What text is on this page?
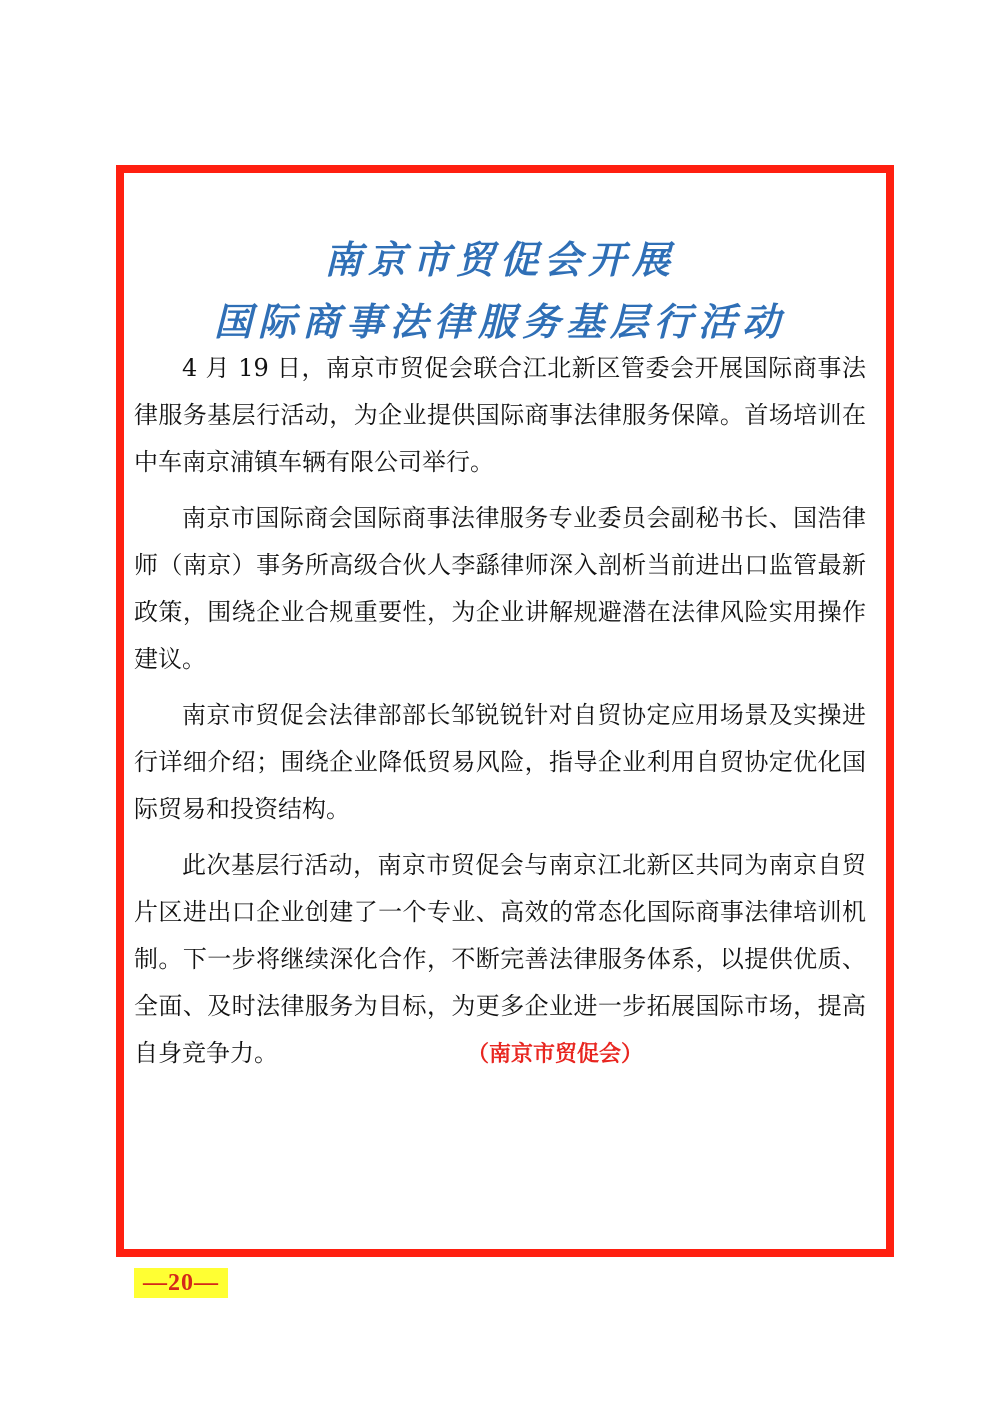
南京市贸促会开展
国际商事法律服务基层行活动

4 月 19 日，南京市贸促会联合江北新区管委会开展国际商事法律服务基层行活动，为企业提供国际商事法律服务保障。首场培训在中车南京浦镇车辆有限公司举行。

南京市国际商会国际商事法律服务专业委员会副秘书长、国浩律师（南京）事务所高级合伙人李繇律师深入剖析当前进出口监管最新政策，围绕企业合规重要性，为企业讲解规避潜在法律风险实用操作建议。

南京市贸促会法律部部长邹锐锐针对自贸协定应用场景及实操进行详细介绍；围绕企业降低贸易风险，指导企业利用自贸协定优化国际贸易和投资结构。

此次基层行活动，南京市贸促会与南京江北新区共同为南京自贸片区进出口企业创建了一个专业、高效的常态化国际商事法律培训机制。下一步将继续深化合作，不断完善法律服务体系，以提供优质、全面、及时法律服务为目标，为更多企业进一步拓展国际市场，提高自身竞争力。	（南京市贸促会）

—20—
